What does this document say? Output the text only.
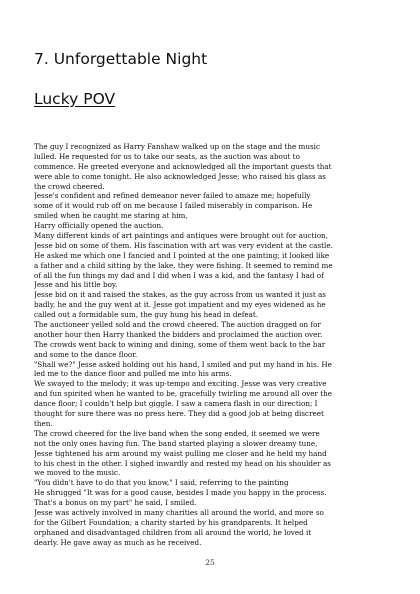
7. Unforgettable Night
Lucky POV
The guy I recognized as Harry Fanshaw walked up on the stage and the music
lulled. He requested for us to take our seats, as the auction was about to
commence. He greeted everyone and acknowledged all the important guests that
were able to come tonight. He also acknowledged Jesse; who raised his glass as
the crowd cheered.
Jesse's confident and refined demeanor never failed to amaze me; hopefully
some of it would rub off on me because I failed miserably in comparison. He
smiled when he caught me staring at him,
Harry officially opened the auction.
Many different kinds of art paintings and antiques were brought out for auction,
Jesse bid on some of them. His fascination with art was very evident at the castle.
He asked me which one I fancied and I pointed at the one painting; it looked like
a father and a child sitting by the lake, they were fishing. It seemed to remind me
of all the fun things my dad and I did when I was a kid, and the fantasy I had of
Jesse and his little boy.
Jesse bid on it and raised the stakes, as the guy across from us wanted it just as
badly, he and the guy went at it. Jesse got impatient and my eyes widened as he
called out a formidable sum, the guy hung his head in defeat.
The auctioneer yelled sold and the crowd cheered. The auction dragged on for
another hour then Harry thanked the bidders and proclaimed the auction over.
The crowds went back to wining and dining, some of them went back to the bar
and some to the dance floor.
"Shall we?" Jesse asked holding out his hand, I smiled and put my hand in his. He
led me to the dance floor and pulled me into his arms.
We swayed to the melody; it was up-tempo and exciting. Jesse was very creative
and fun spirited when he wanted to be, gracefully twirling me around all over the
dance floor; I couldn't help but giggle. I saw a camera flash in our direction; I
thought for sure there was no press here. They did a good job at being discreet
then.
The crowd cheered for the live band when the song ended, it seemed we were
not the only ones having fun. The band started playing a slower dreamy tune,
Jesse tightened his arm around my waist pulling me closer and he held my hand
to his chest in the other. I sighed inwardly and rested my head on his shoulder as
we moved to the music.
"You didn't have to do that you know," I said, referring to the painting
He shrugged "It was for a good cause, besides I made you happy in the process.
That's a bonus on my part" he said, I smiled.
Jesse was actively involved in many charities all around the world, and more so
for the Gilbert Foundation; a charity started by his grandparents. It helped
orphaned and disadvantaged children from all around the world, he loved it
dearly. He gave away as much as he received.
25
